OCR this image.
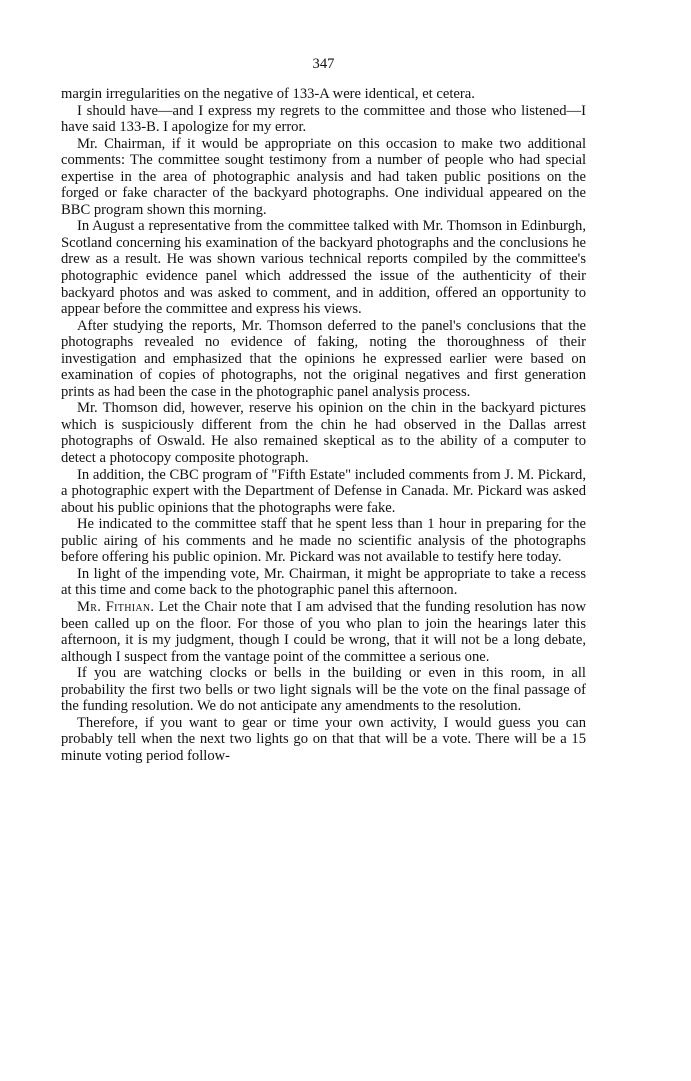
347

margin irregularities on the negative of 133-A were identical, et cetera.

I should have—and I express my regrets to the committee and those who listened—I have said 133-B. I apologize for my error.

Mr. Chairman, if it would be appropriate on this occasion to make two additional comments: The committee sought testimony from a number of people who had special expertise in the area of photographic analysis and had taken public positions on the forged or fake character of the backyard photographs. One individual appeared on the BBC program shown this morning.

In August a representative from the committee talked with Mr. Thomson in Edinburgh, Scotland concerning his examination of the backyard photographs and the conclusions he drew as a result. He was shown various technical reports compiled by the committee's photographic evidence panel which addressed the issue of the authenticity of their backyard photos and was asked to comment, and in addition, offered an opportunity to appear before the committee and express his views.

After studying the reports, Mr. Thomson deferred to the panel's conclusions that the photographs revealed no evidence of faking, noting the thoroughness of their investigation and emphasized that the opinions he expressed earlier were based on examination of copies of photographs, not the original negatives and first generation prints as had been the case in the photographic panel analysis process.

Mr. Thomson did, however, reserve his opinion on the chin in the backyard pictures which is suspiciously different from the chin he had observed in the Dallas arrest photographs of Oswald. He also remained skeptical as to the ability of a computer to detect a photocopy composite photograph.

In addition, the CBC program of "Fifth Estate" included comments from J. M. Pickard, a photographic expert with the Department of Defense in Canada. Mr. Pickard was asked about his public opinions that the photographs were fake.

He indicated to the committee staff that he spent less than 1 hour in preparing for the public airing of his comments and he made no scientific analysis of the photographs before offering his public opinion. Mr. Pickard was not available to testify here today.

In light of the impending vote, Mr. Chairman, it might be appropriate to take a recess at this time and come back to the photographic panel this afternoon.

Mr. Fithian. Let the Chair note that I am advised that the funding resolution has now been called up on the floor. For those of you who plan to join the hearings later this afternoon, it is my judgment, though I could be wrong, that it will not be a long debate, although I suspect from the vantage point of the committee a serious one.

If you are watching clocks or bells in the building or even in this room, in all probability the first two bells or two light signals will be the vote on the final passage of the funding resolution. We do not anticipate any amendments to the resolution.

Therefore, if you want to gear or time your own activity, I would guess you can probably tell when the next two lights go on that that will be a vote. There will be a 15 minute voting period follow-
